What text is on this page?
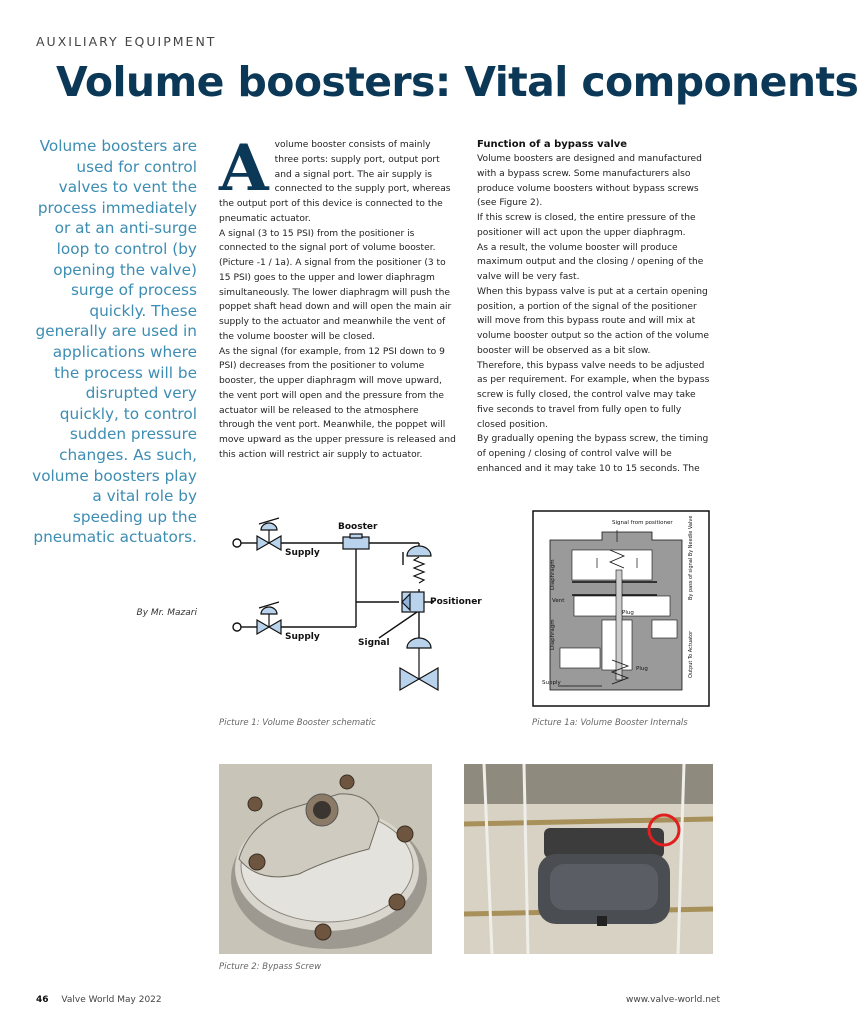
AUXILIARY EQUIPMENT
Volume boosters: Vital components

Volume boosters are used for control valves to vent the process immediately or at an anti-surge loop to control (by opening the valve) surge of process quickly. These generally are used in applications where the process will be disrupted very quickly, to control sudden pressure changes. As such, volume boosters play a vital role by speeding up the pneumatic actuators.

By Mr. Mazari
A volume booster consists of mainly three ports: supply port, output port and a signal port. The air supply is connected to the supply port, whereas the output port of this device is connected to the pneumatic actuator.

A signal (3 to 15 PSI) from the positioner is connected to the signal port of volume booster. (Picture -1 / 1a). A signal from the positioner (3 to 15 PSI) goes to the upper and lower diaphragm simultaneously. The lower diaphragm will push the poppet shaft head down and will open the main air supply to the actuator and meanwhile the vent of the volume booster will be closed.

As the signal (for example, from 12 PSI down to 9 PSI) decreases from the positioner to volume booster, the upper diaphragm will move upward, the vent port will open and the pressure from the actuator will be released to the atmosphere through the vent port. Meanwhile, the poppet will move upward as the upper pressure is released and this action will restrict air supply to actuator.

Function of a bypass valve

Volume boosters are designed and manufactured with a bypass screw. Some manufacturers also produce volume boosters without bypass screws (see Figure 2).

If this screw is closed, the entire pressure of the positioner will act upon the upper diaphragm.

As a result, the volume booster will produce maximum output and the closing / opening of the valve will be very fast.

When this bypass valve is put at a certain opening position, a portion of the signal of the positioner will move from this bypass route and will mix at volume booster output so the action of the volume booster will be observed as a bit slow.

Therefore, this bypass valve needs to be adjusted as per requirement. For example, when the bypass screw is fully closed, the control valve may take five seconds to travel from fully open to fully closed position.

By gradually opening the bypass screw, the timing of opening / closing of control valve will be enhanced and it may take 10 to 15 seconds. The

Supply
Booster
Positioner
Supply
Signal
Signal from positioner
Diaphragm
Vent
Diaphragm
Plug
Plug
By pass of signal By Needle Valve
Output To Actuator
Supply
Picture 1: Volume Booster schematic	Picture 1a: Volume Booster Internals
Picture 2: Bypass Screw
46 Valve World May 2022	www.valve-world.net
